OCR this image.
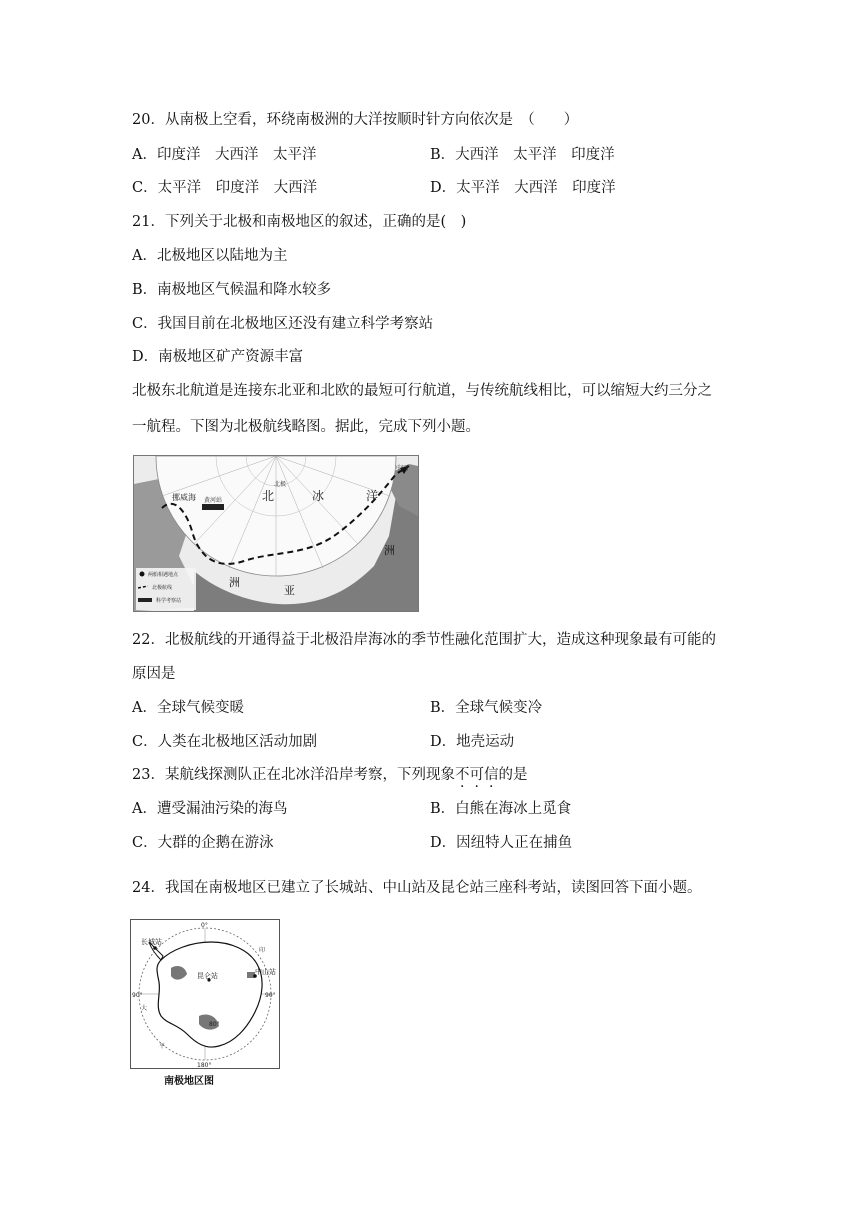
20．从南极上空看，环绕南极洲的大洋按顺时针方向依次是　（　　）
A．印度洋　大西洋　太平洋	B．大西洋　太平洋　印度洋
C．太平洋　印度洋　大西洋	D．太平洋　大西洋　印度洋
21．下列关于北极和南极地区的叙述，正确的是(　)
A．北极地区以陆地为主
B．南极地区气候温和降水较多
C．我国目前在北极地区还没有建立科学考察站
D．南极地区矿产资源丰富
北极东北航道是连接东北亚和北欧的最短可行航道，与传统航线相比，可以缩短大约三分之
一航程。下图为北极航线略图。据此，完成下列小题。
北极
北	冰	洋
挪威海 黄河站
中国
亚
洲
洲
两船相遇地点
北极航线
科学考察站
22．北极航线的开通得益于北极沿岸海冰的季节性融化范围扩大，造成这种现象最有可能的
原因是
A．全球气候变暖	B．全球气候变冷
C．人类在北极地区活动加剧	D．地壳运动
23．某航线探测队正在北冰洋沿岸考察，下列现象不可信的是
A．遭受漏油污染的海鸟	B．白熊在海冰上觅食
C．大群的企鹅在游泳	D．因纽特人正在捕鱼
24．我国在南极地区已建立了长城站、中山站及昆仑站三座科考站，读图回答下面小题。
0°
90°	90°
180°
80°
长城站
中山站
昆仑站
大
印
平
南极地区图
